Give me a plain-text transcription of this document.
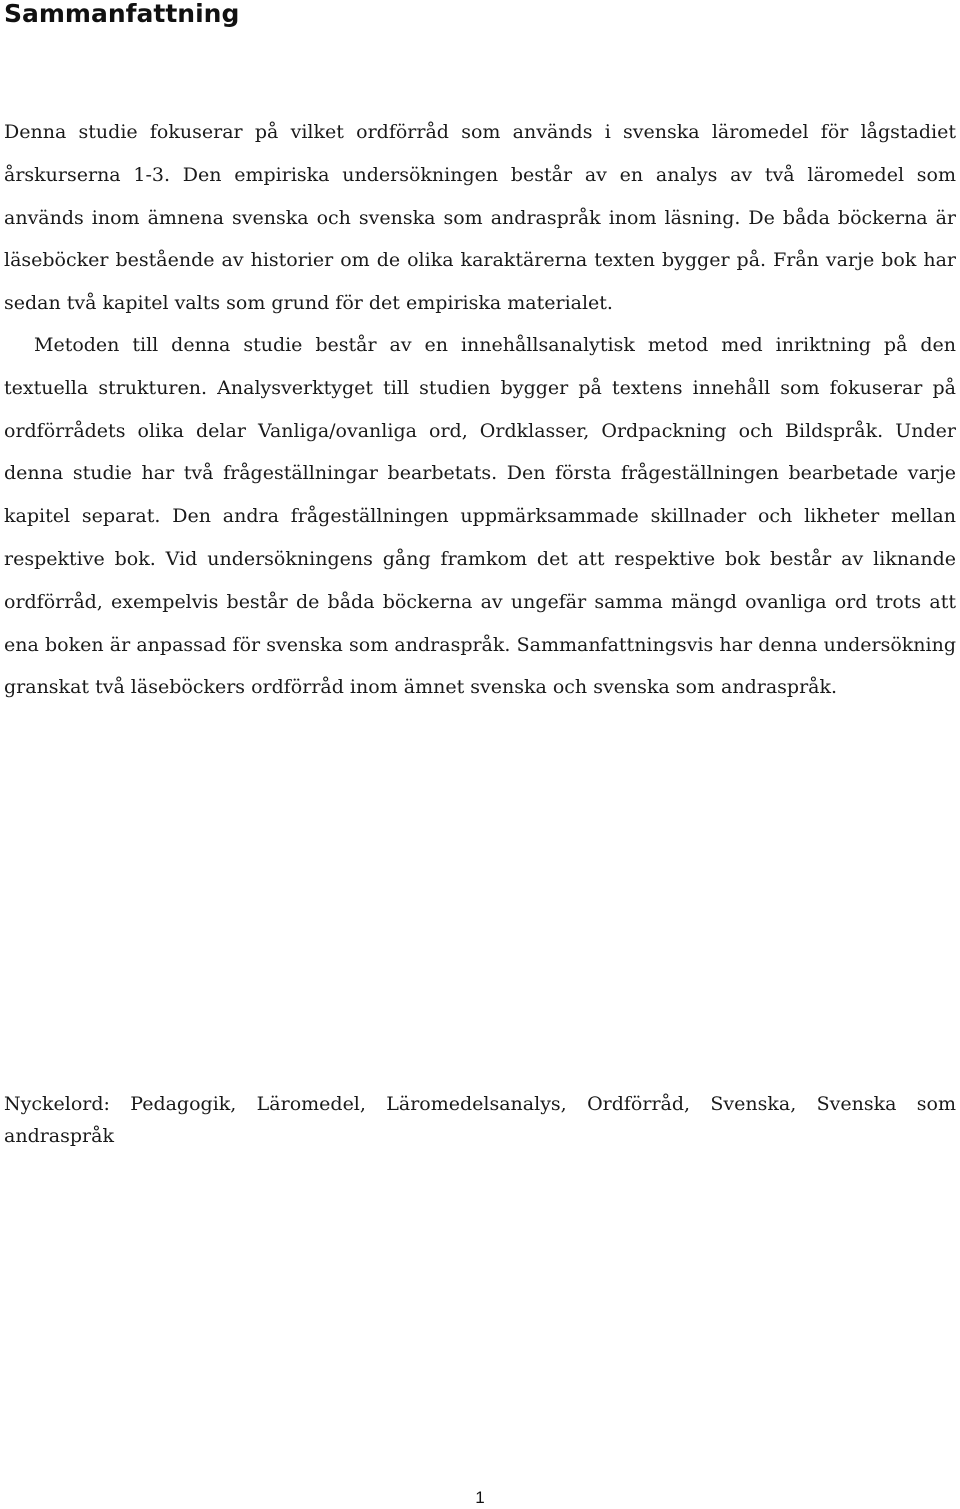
Sammanfattning

Denna studie fokuserar på vilket ordförråd som används i svenska läromedel för lågstadiet årskurserna 1-3. Den empiriska undersökningen består av en analys av två läromedel som används inom ämnena svenska och svenska som andraspråk inom läsning. De båda böckerna är läseböcker bestående av historier om de olika karaktärerna texten bygger på. Från varje bok har sedan två kapitel valts som grund för det empiriska materialet.

Metoden till denna studie består av en innehållsanalytisk metod med inriktning på den textuella strukturen. Analysverktyget till studien bygger på textens innehåll som fokuserar på ordförrådets olika delar Vanliga/ovanliga ord, Ordklasser, Ordpackning och Bildspråk. Under denna studie har två frågeställningar bearbetats. Den första frågeställningen bearbetade varje kapitel separat. Den andra frågeställningen uppmärksammade skillnader och likheter mellan respektive bok. Vid undersökningens gång framkom det att respektive bok består av liknande ordförråd, exempelvis består de båda böckerna av ungefär samma mängd ovanliga ord trots att ena boken är anpassad för svenska som andraspråk. Sammanfattningsvis har denna undersökning granskat två läseböckers ordförråd inom ämnet svenska och svenska som andraspråk.

Nyckelord: Pedagogik, Läromedel, Läromedelsanalys, Ordförråd, Svenska, Svenska som andraspråk

1
